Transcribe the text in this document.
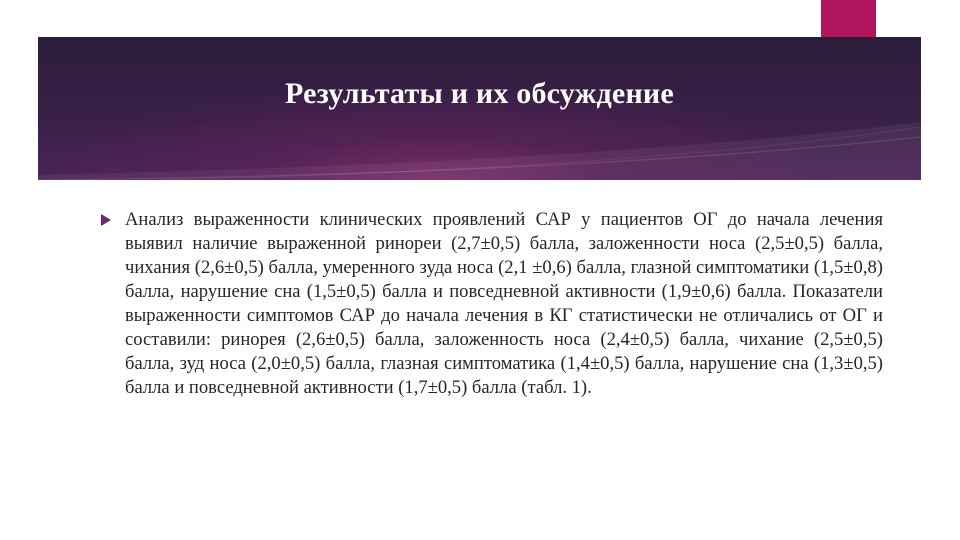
Результаты и их обсуждение

Анализ выраженности клинических проявлений САР у пациентов ОГ до начала лечения выявил наличие выраженной ринореи (2,7±0,5) балла, заложенности носа (2,5±0,5) балла, чихания (2,6±0,5) балла, умеренного зуда носа (2,1 ±0,6) балла, глазной симптоматики (1,5±0,8) балла, нарушение сна (1,5±0,5) балла и повседневной активности (1,9±0,6) балла. Показатели выраженности симптомов САР до начала лечения в КГ статистически не отличались от ОГ и составили: ринорея (2,6±0,5) балла, заложенность носа (2,4±0,5) балла, чихание (2,5±0,5) балла, зуд носа (2,0±0,5) балла, глазная симптоматика (1,4±0,5) балла, нарушение сна (1,3±0,5) балла и повседневной активности (1,7±0,5) балла (табл. 1).
